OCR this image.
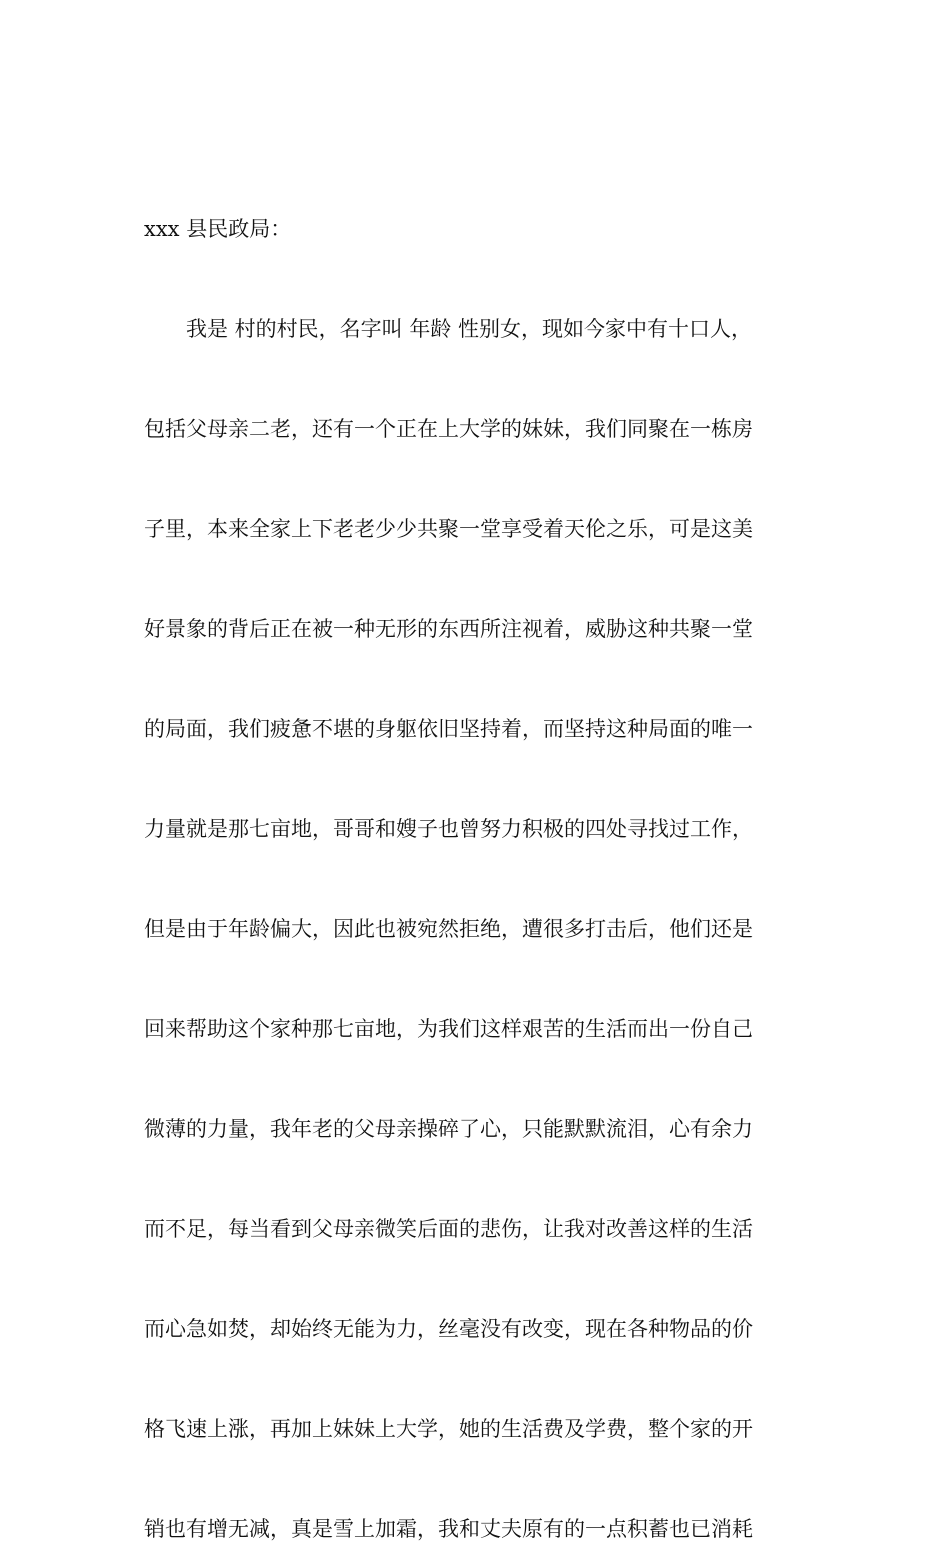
xxx 县民政局：

我是 村的村民，名字叫 年龄 性别女，现如今家中有十口人，

包括父母亲二老，还有一个正在上大学的妹妹，我们同聚在一栋房

子里，本来全家上下老老少少共聚一堂享受着天伦之乐，可是这美

好景象的背后正在被一种无形的东西所注视着，威胁这种共聚一堂

的局面，我们疲惫不堪的身躯依旧坚持着，而坚持这种局面的唯一

力量就是那七亩地，哥哥和嫂子也曾努力积极的四处寻找过工作，

但是由于年龄偏大，因此也被宛然拒绝，遭很多打击后，他们还是

回来帮助这个家种那七亩地，为我们这样艰苦的生活而出一份自己

微薄的力量，我年老的父母亲操碎了心，只能默默流泪，心有余力

而不足，每当看到父母亲微笑后面的悲伤，让我对改善这样的生活

而心急如焚，却始终无能为力，丝毫没有改变，现在各种物品的价

格飞速上涨，再加上妹妹上大学，她的生活费及学费，整个家的开

销也有增无减，真是雪上加霜，我和丈夫原有的一点积蓄也已消耗
